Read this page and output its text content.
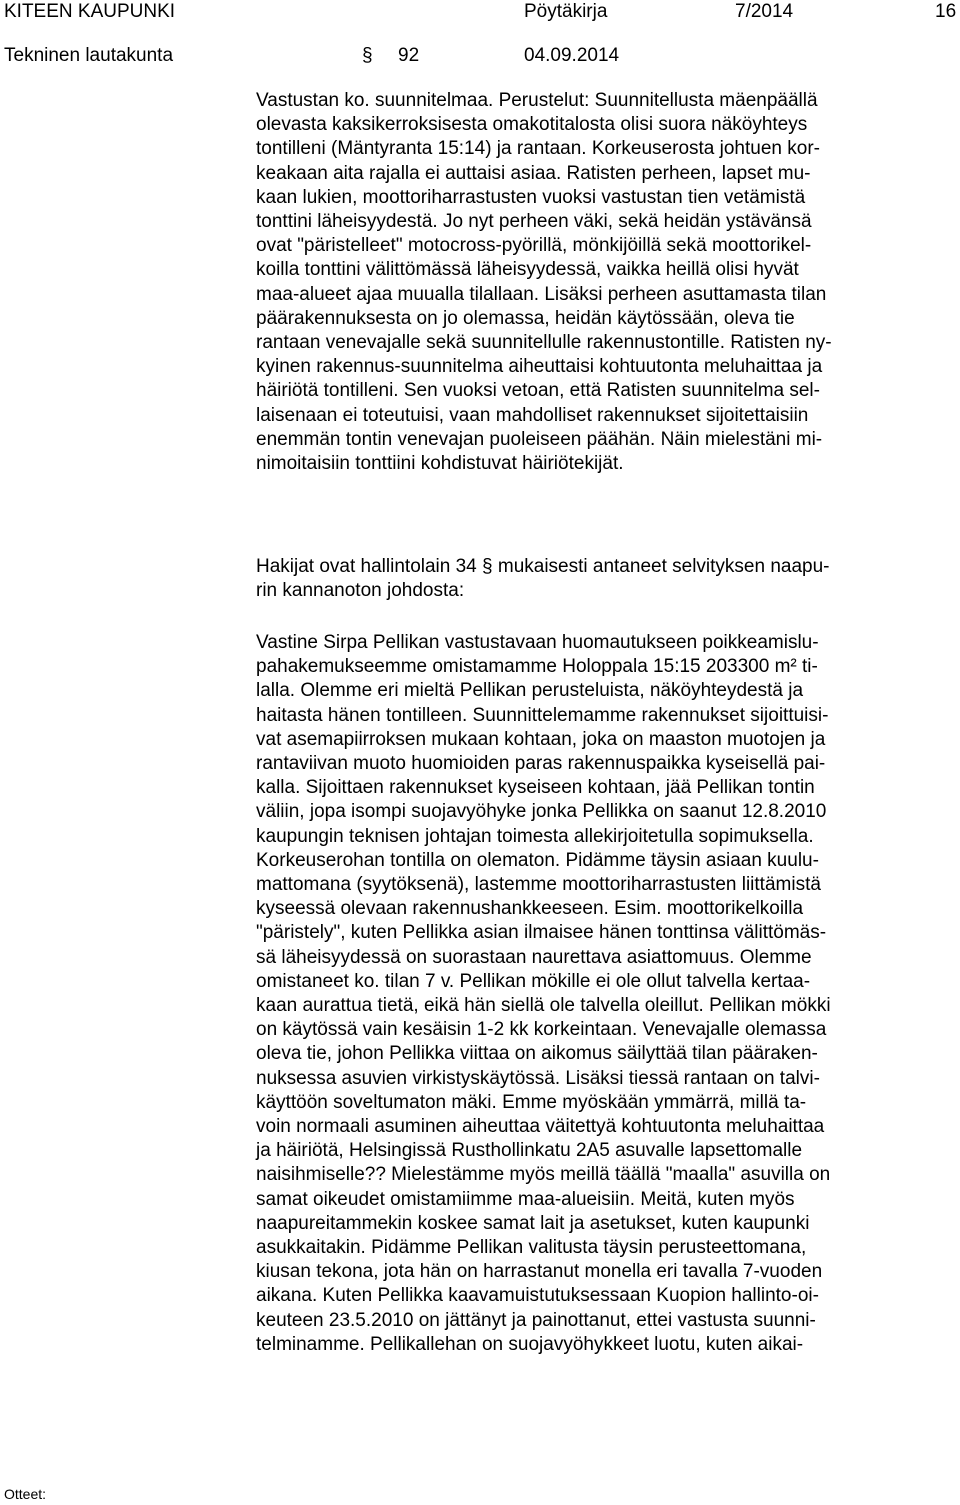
KITEEN KAUPUNKI	Pöytäkirja	7/2014	16
Tekninen lautakunta	§ 92	04.09.2014
Vastustan ko. suunnitelmaa. Perustelut: Suunnitellusta mäenpäällä
olevasta kaksikerroksisesta omakotitalosta olisi suora näköyhteys
tontilleni (Mäntyranta 15:14) ja rantaan. Korkeuserosta johtuen kor-
keakaan aita rajalla ei auttaisi asiaa. Ratisten perheen, lapset mu-
kaan lukien, moottoriharrastusten vuoksi vastustan tien vetämistä
tonttini läheisyydestä. Jo nyt perheen väki, sekä heidän ystävänsä
ovat "päristelleet" motocross-pyörillä, mönkijöillä sekä moottorikel-
koilla tonttini välittömässä läheisyydessä, vaikka heillä olisi hyvät
maa-alueet ajaa muualla tilallaan. Lisäksi perheen asuttamasta tilan
päärakennuksesta on jo olemassa, heidän käytössään, oleva tie
rantaan venevajalle sekä suunnitellulle rakennustontille. Ratisten ny-
kyinen rakennus-suunnitelma aiheuttaisi kohtuutonta meluhaittaa ja
häiriötä tontilleni. Sen vuoksi vetoan, että Ratisten suunnitelma sel-
laisenaan ei toteutuisi, vaan mahdolliset rakennukset sijoitettaisiin
enemmän tontin venevajan puoleiseen päähän. Näin mielestäni mi-
nimoitaisiin tonttiini kohdistuvat häiriötekijät.
Hakijat ovat hallintolain 34 § mukaisesti antaneet selvityksen naapu-
rin kannanoton johdosta:
Vastine Sirpa Pellikan vastustavaan huomautukseen poikkeamislu-
pahakemukseemme omistamamme Holoppala 15:15 203300 m² ti-
lalla. Olemme eri mieltä Pellikan perusteluista, näköyhteydestä ja
haitasta hänen tontilleen. Suunnittelemamme rakennukset sijoittuisi-
vat asemapiirroksen mukaan kohtaan, joka on maaston muotojen ja
rantaviivan muoto huomioiden paras rakennuspaikka kyseisellä pai-
kalla. Sijoittaen rakennukset kyseiseen kohtaan, jää Pellikan tontin
väliin, jopa isompi suojavyöhyke jonka Pellikka on saanut 12.8.2010
kaupungin teknisen johtajan toimesta allekirjoitetulla sopimuksella.
Korkeuserohan tontilla on olematon. Pidämme täysin asiaan kuulu-
mattomana (syytöksenä), lastemme moottoriharrastusten liittämistä
kyseessä olevaan rakennushankkeeseen. Esim. moottorikelkoilla
"päristely", kuten Pellikka asian ilmaisee hänen tonttinsa välittömäs-
sä läheisyydessä on suorastaan naurettava asiattomuus. Olemme
omistaneet ko. tilan 7 v. Pellikan mökille ei ole ollut talvella kertaa-
kaan aurattua tietä, eikä hän siellä ole talvella oleillut. Pellikan mökki
on käytössä vain kesäisin 1-2 kk korkeintaan. Venevajalle olemassa
oleva tie, johon Pellikka viittaa on aikomus säilyttää tilan pääraken-
nuksessa asuvien virkistyskäytössä. Lisäksi tiessä rantaan on talvi-
käyttöön soveltumaton mäki. Emme myöskään ymmärrä, millä ta-
voin normaali asuminen aiheuttaa väitettyä kohtuutonta meluhaittaa
ja häiriötä, Helsingissä Rusthollinkatu 2A5 asuvalle lapsettomalle
naisihmiselle?? Mielestämme myös meillä täällä "maalla" asuvilla on
samat oikeudet omistamiimme maa-alueisiin. Meitä, kuten myös
naapureitammekin koskee samat lait ja asetukset, kuten kaupunki
asukkaitakin. Pidämme Pellikan valitusta täysin perusteettomana,
kiusan tekona, jota hän on harrastanut monella eri tavalla 7-vuoden
aikana. Kuten Pellikka kaavamuistutuksessaan Kuopion hallinto-oi-
keuteen 23.5.2010 on jättänyt ja painottanut, ettei vastusta suunni-
telminamme. Pellikallehan on suojavyöhykkeet luotu, kuten aikai-
Otteet:
